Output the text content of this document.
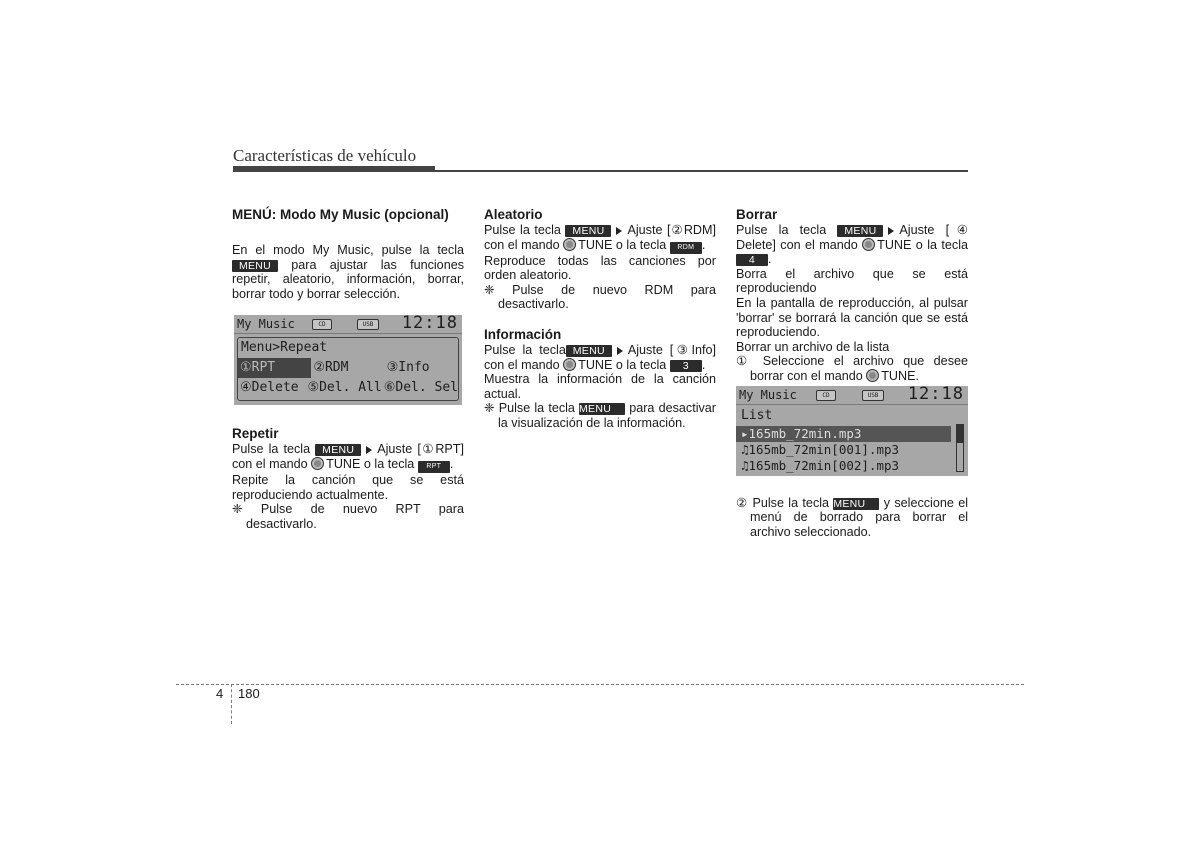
Características de vehículo
MENÚ: Modo My Music (opcional)

En el modo My Music, pulse la tecla MENU para ajustar las funciones repetir, aleatorio, información, borrar, borrar todo y borrar selección.

My Music	CD	USB	12:18
Menu>Repeat
①RPT	②RDM	③Info
④Delete ⑤Del. All ⑥Del. Sel
Repetir

Pulse la tecla MENU Ajuste [①RPT] con el mando TUNE o la tecla RPT .

Repite la canción que se está reproduciendo actualmente.

❈ Pulse de nuevo RPT para desactivarlo.

Aleatorio

Pulse la tecla MENU Ajuste [②RDM] con el mando TUNE o la tecla RDM .

Reproduce todas las canciones por orden aleatorio.

❈ Pulse de nuevo RDM para desactivarlo.

Información

Pulse la tecla MENU Ajuste [③Info] con el mando TUNE o la tecla 3 .

Muestra la información de la canción actual.

❈ Pulse la tecla MENU para desactivar la visualización de la información.

Borrar

Pulse la tecla MENU Ajuste [④ Delete] con el mando TUNE o la tecla 4 .

Borra el archivo que se está reproduciendo

En la pantalla de reproducción, al pulsar 'borrar' se borrará la canción que se está reproduciendo.

Borrar un archivo de la lista

① Seleccione el archivo que desee borrar con el mando TUNE.

My Music	CD	USB	12:18
List
▸165mb_72min.mp3
♫165mb_72min[001].mp3
♫165mb_72min[002].mp3

② Pulse la tecla MENU y seleccione el menú de borrado para borrar el archivo seleccionado.

4 180
